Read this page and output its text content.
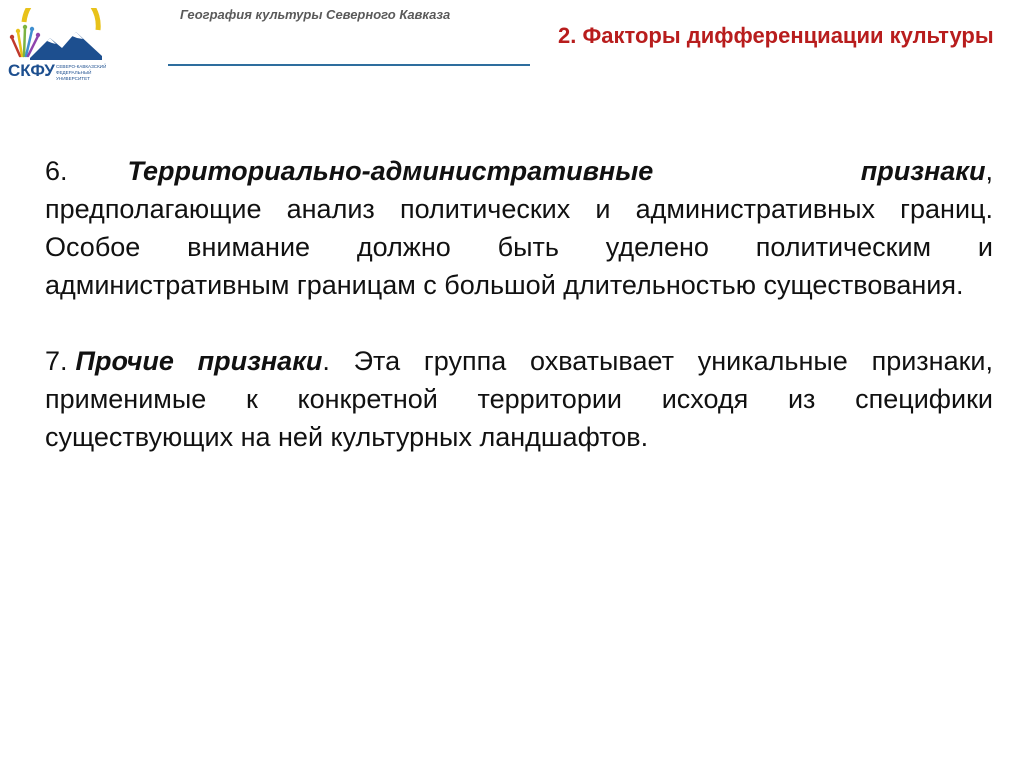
СКФУ СЕВЕРО-КАВКАЗСКИЙ
ФЕДЕРАЛЬНЫЙ
УНИВЕРСИТЕТ
География культуры Северного Кавказа
2. Факторы дифференциации культуры

6. Территориально-административные признаки, предполагающие анализ политических и административных границ. Особое внимание должно быть уделено политическим и административным границам с большой длительностью существования.

7. Прочие признаки. Эта группа охватывает уникальные признаки, применимые к конкретной территории исходя из специфики существующих на ней культурных ландшафтов.
